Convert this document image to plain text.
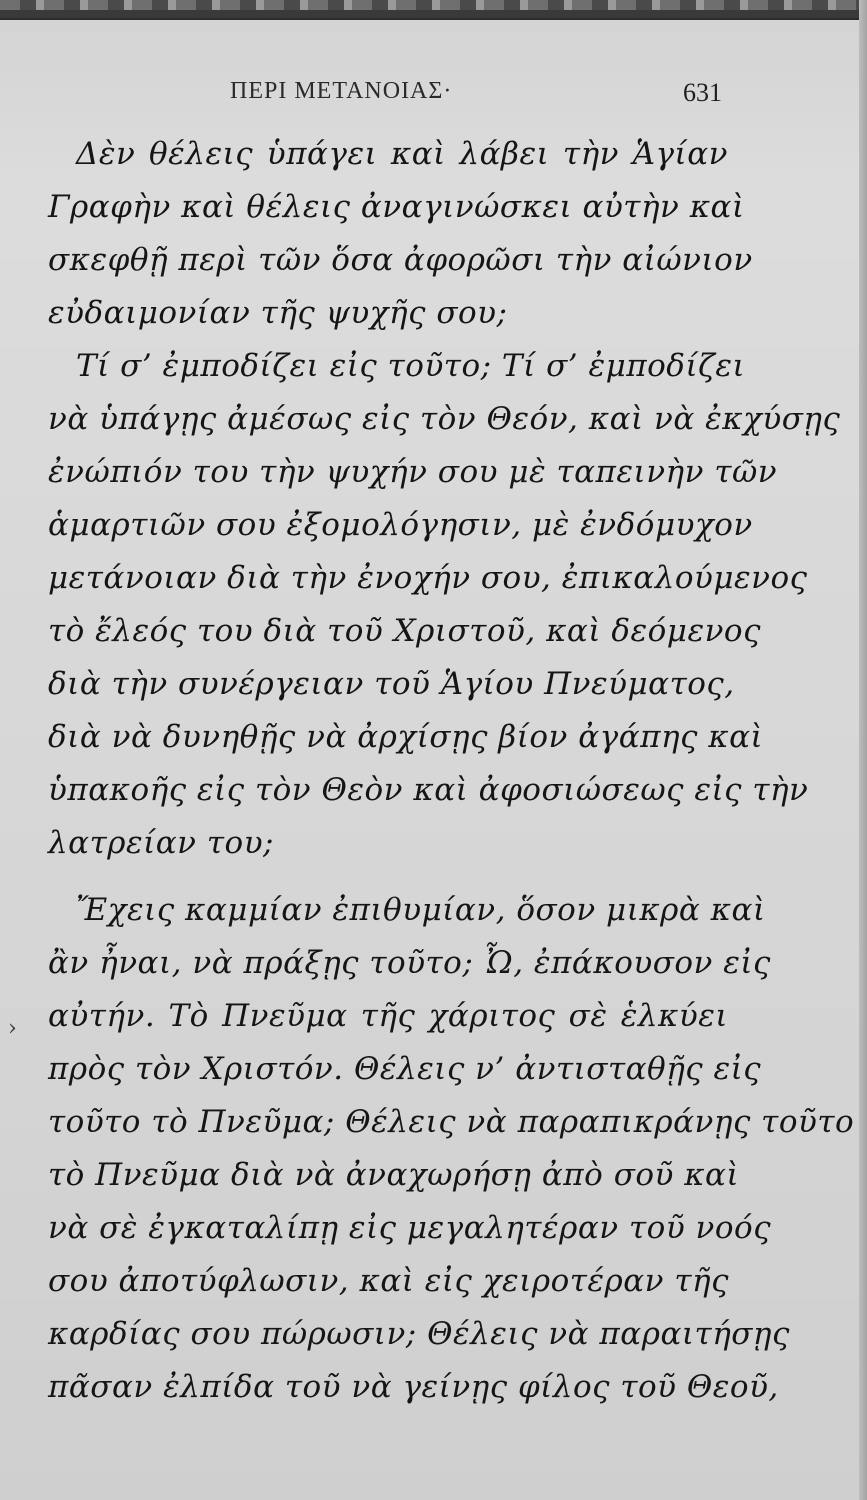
ΠΕΡΙ ΜΕΤΑΝΟΙΑΣ·	631
›
Δὲν θέλεις ὑπάγει καὶ λάβει τὴν Ἁγίαν
Γραφὴν καὶ θέλεις ἀναγινώσκει αὐτὴν καὶ
σκεφθῇ περὶ τῶν ὅσα ἀφορῶσι τὴν αἰώνιον
εὐδαιμονίαν τῆς ψυχῆς σου;
Τί σ’ ἐμποδίζει εἰς τοῦτο; Τί σ’ ἐμποδίζει
νὰ ὑπάγῃς ἀμέσως εἰς τὸν Θεόν, καὶ νὰ ἐκχύσῃς
ἐνώπιόν του τὴν ψυχήν σου μὲ ταπεινὴν τῶν
ἁμαρτιῶν σου ἐξομολόγησιν, μὲ ἐνδόμυχον
μετάνοιαν διὰ τὴν ἐνοχήν σου, ἐπικαλούμενος
τὸ ἔλεός του διὰ τοῦ Χριστοῦ, καὶ δεόμενος
διὰ τὴν συνέργειαν τοῦ Ἁγίου Πνεύματος,
διὰ νὰ δυνηθῇς νὰ ἀρχίσῃς βίον ἀγάπης καὶ
ὑπακοῆς εἰς τὸν Θεὸν καὶ ἀφοσιώσεως εἰς τὴν
λατρείαν του;
Ἔχεις καμμίαν ἐπιθυμίαν, ὅσον μικρὰ καὶ
ἂν ἦναι, νὰ πράξῃς τοῦτο; Ὦ, ἐπάκουσον εἰς
αὐτήν. Τὸ Πνεῦμα τῆς χάριτος σὲ ἑλκύει
πρὸς τὸν Χριστόν. Θέλεις ν’ ἀντισταθῇς εἰς
τοῦτο τὸ Πνεῦμα; Θέλεις νὰ παραπικράνῃς τοῦτο
τὸ Πνεῦμα διὰ νὰ ἀναχωρήσῃ ἀπὸ σοῦ καὶ
νὰ σὲ ἐγκαταλίπῃ εἰς μεγαλητέραν τοῦ νοός
σου ἀποτύφλωσιν, καὶ εἰς χειροτέραν τῆς
καρδίας σου πώρωσιν; Θέλεις νὰ παραιτήσῃς
πᾶσαν ἐλπίδα τοῦ νὰ γείνῃς φίλος τοῦ Θεοῦ,
